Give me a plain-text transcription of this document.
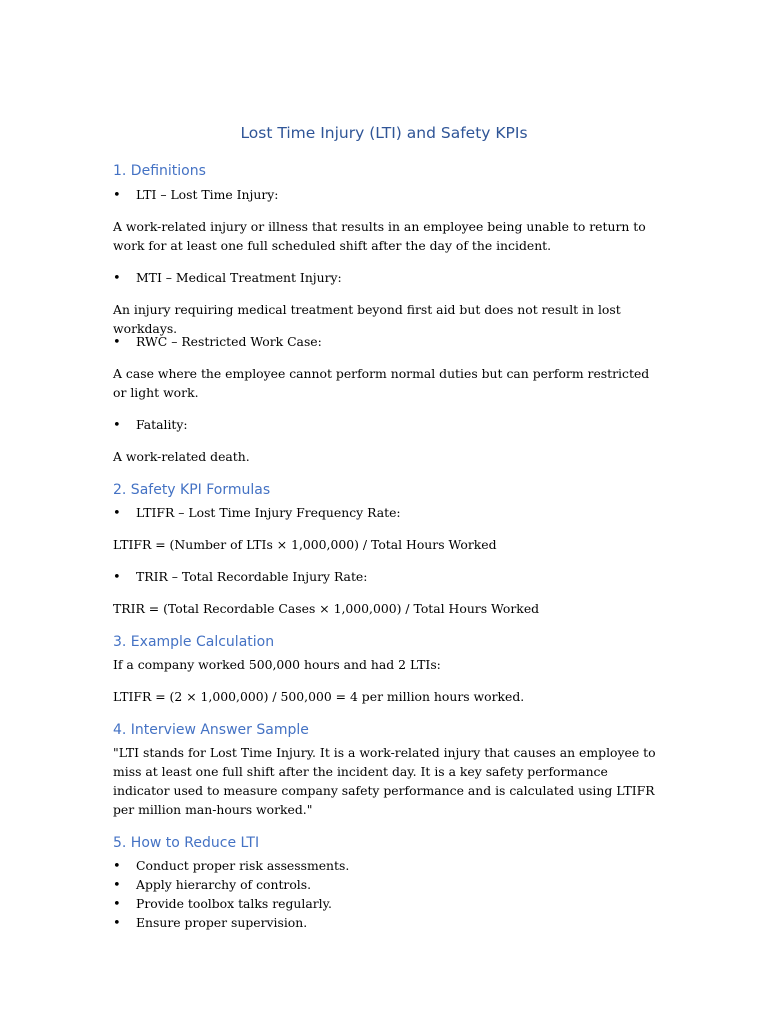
Lost Time Injury (LTI) and Safety KPIs
1. Definitions
• LTI – Lost Time Injury:

A work-related injury or illness that results in an employee being unable to return to work for at least one full scheduled shift after the day of the incident.

• MTI – Medical Treatment Injury:

An injury requiring medical treatment beyond first aid but does not result in lost workdays.

• RWC – Restricted Work Case:

A case where the employee cannot perform normal duties but can perform restricted or light work.

• Fatality:

A work-related death.

2. Safety KPI Formulas
• LTIFR – Lost Time Injury Frequency Rate:

LTIFR = (Number of LTIs × 1,000,000) / Total Hours Worked

• TRIR – Total Recordable Injury Rate:

TRIR = (Total Recordable Cases × 1,000,000) / Total Hours Worked

3. Example Calculation

If a company worked 500,000 hours and had 2 LTIs:

LTIFR = (2 × 1,000,000) / 500,000 = 4 per million hours worked.

4. Interview Answer Sample

"LTI stands for Lost Time Injury. It is a work-related injury that causes an employee to miss at least one full shift after the incident day. It is a key safety performance indicator used to measure company safety performance and is calculated using LTIFR per million man-hours worked."

5. How to Reduce LTI
• Conduct proper risk assessments.
• Apply hierarchy of controls.
• Provide toolbox talks regularly.
• Ensure proper supervision.
